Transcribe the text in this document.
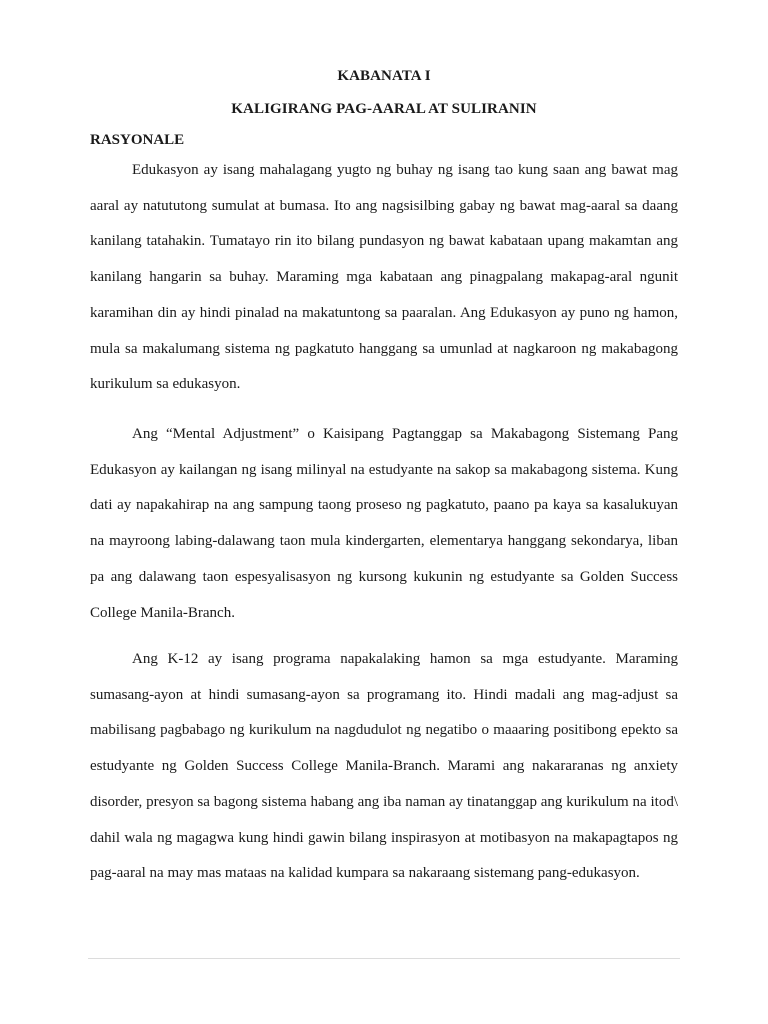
KABANATA I
KALIGIRANG PAG-AARAL AT SULIRANIN
RASYONALE

Edukasyon ay isang mahalagang yugto ng buhay ng isang tao kung saan ang bawat mag aaral ay natututong sumulat at bumasa. Ito ang nagsisilbing gabay ng bawat mag-aaral sa daang kanilang tatahakin. Tumatayo rin ito bilang pundasyon ng bawat kabataan upang makamtan ang kanilang hangarin sa buhay. Maraming mga kabataan ang pinagpalang makapag-aral ngunit karamihan din ay hindi pinalad na makatuntong sa paaralan. Ang Edukasyon ay puno ng hamon, mula sa makalumang sistema ng pagkatuto hanggang sa umunlad at nagkaroon ng makabagong kurikulum sa edukasyon.

Ang “Mental Adjustment” o Kaisipang Pagtanggap sa Makabagong Sistemang Pang Edukasyon ay kailangan ng isang milinyal na estudyante na sakop sa makabagong sistema. Kung dati ay napakahirap na ang sampung taong proseso ng pagkatuto, paano pa kaya sa kasalukuyan na mayroong labing-dalawang taon mula kindergarten, elementarya hanggang sekondarya, liban pa ang dalawang taon espesyalisasyon ng kursong kukunin ng estudyante sa Golden Success College Manila-Branch.

Ang K-12 ay isang programa napakalaking hamon sa mga estudyante. Maraming sumasang-ayon at hindi sumasang-ayon sa programang ito. Hindi madali ang mag-adjust sa mabilisang pagbabago ng kurikulum na nagdudulot ng negatibo o maaaring positibong epekto sa estudyante ng Golden Success College Manila-Branch. Marami ang nakararanas ng anxiety disorder, presyon sa bagong sistema habang ang iba naman ay tinatanggap ang kurikulum na itod\ dahil wala ng magagwa kung hindi gawin bilang inspirasyon at motibasyon na makapagtapos ng pag-aaral na may mas mataas na kalidad kumpara sa nakaraang sistemang pang-edukasyon.
